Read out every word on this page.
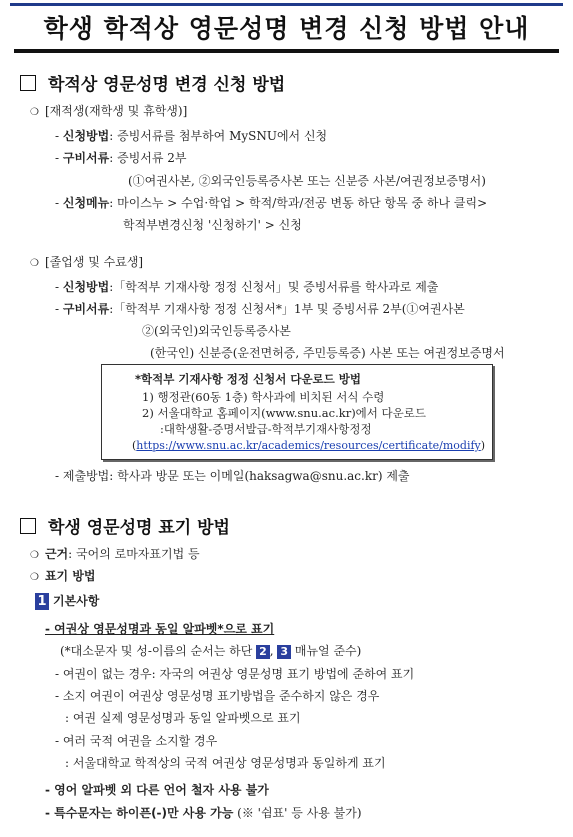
학생 학적상 영문성명 변경 신청 방법 안내
학적상 영문성명 변경 신청 방법
❍ [재적생(재학생 및 휴학생)]
- 신청방법: 증빙서류를 첨부하여 MySNU에서 신청
- 구비서류: 증빙서류 2부
(①여권사본, ②외국인등록증사본 또는 신분증 사본/여권정보증명서)
- 신청메뉴: 마이스누 > 수업·학업 > 학적/학과/전공 변동 하단 항목 중 하나 클릭>
학적부변경신청 '신청하기' > 신청
❍ [졸업생 및 수료생]
- 신청방법:「학적부 기재사항 정정 신청서」및 증빙서류를 학사과로 제출
- 구비서류:「학적부 기재사항 정정 신청서*」1부 및 증빙서류 2부(①여권사본
②(외국인)외국인등록증사본
(한국인) 신분증(운전면허증, 주민등록증) 사본 또는 여권정보증명서
*학적부 기재사항 정정 신청서 다운로드 방법
1) 행정관(60동 1층) 학사과에 비치된 서식 수령
2) 서울대학교 홈페이지(www.snu.ac.kr)에서 다운로드
:대학생활-증명서발급-학적부기재사항정정
(https://www.snu.ac.kr/academics/resources/certificate/modify)
- 제출방법: 학사과 방문 또는 이메일(haksagwa@snu.ac.kr) 제출
학생 영문성명 표기 방법
❍ 근거: 국어의 로마자표기법 등
❍ 표기 방법
1 기본사항
- 여권상 영문성명과 동일 알파벳*으로 표기
(*대소문자 및 성-이름의 순서는 하단 2 , 3 매뉴얼 준수)
- 여권이 없는 경우: 자국의 여권상 영문성명 표기 방법에 준하여 표기
- 소지 여권이 여권상 영문성명 표기방법을 준수하지 않은 경우
: 여권 실제 영문성명과 동일 알파벳으로 표기
- 여러 국적 여권을 소지할 경우
: 서울대학교 학적상의 국적 여권상 영문성명과 동일하게 표기
- 영어 알파벳 외 다른 언어 철자 사용 불가
- 특수문자는 하이픈(-)만 사용 가능 (※ '쉼표' 등 사용 불가)
